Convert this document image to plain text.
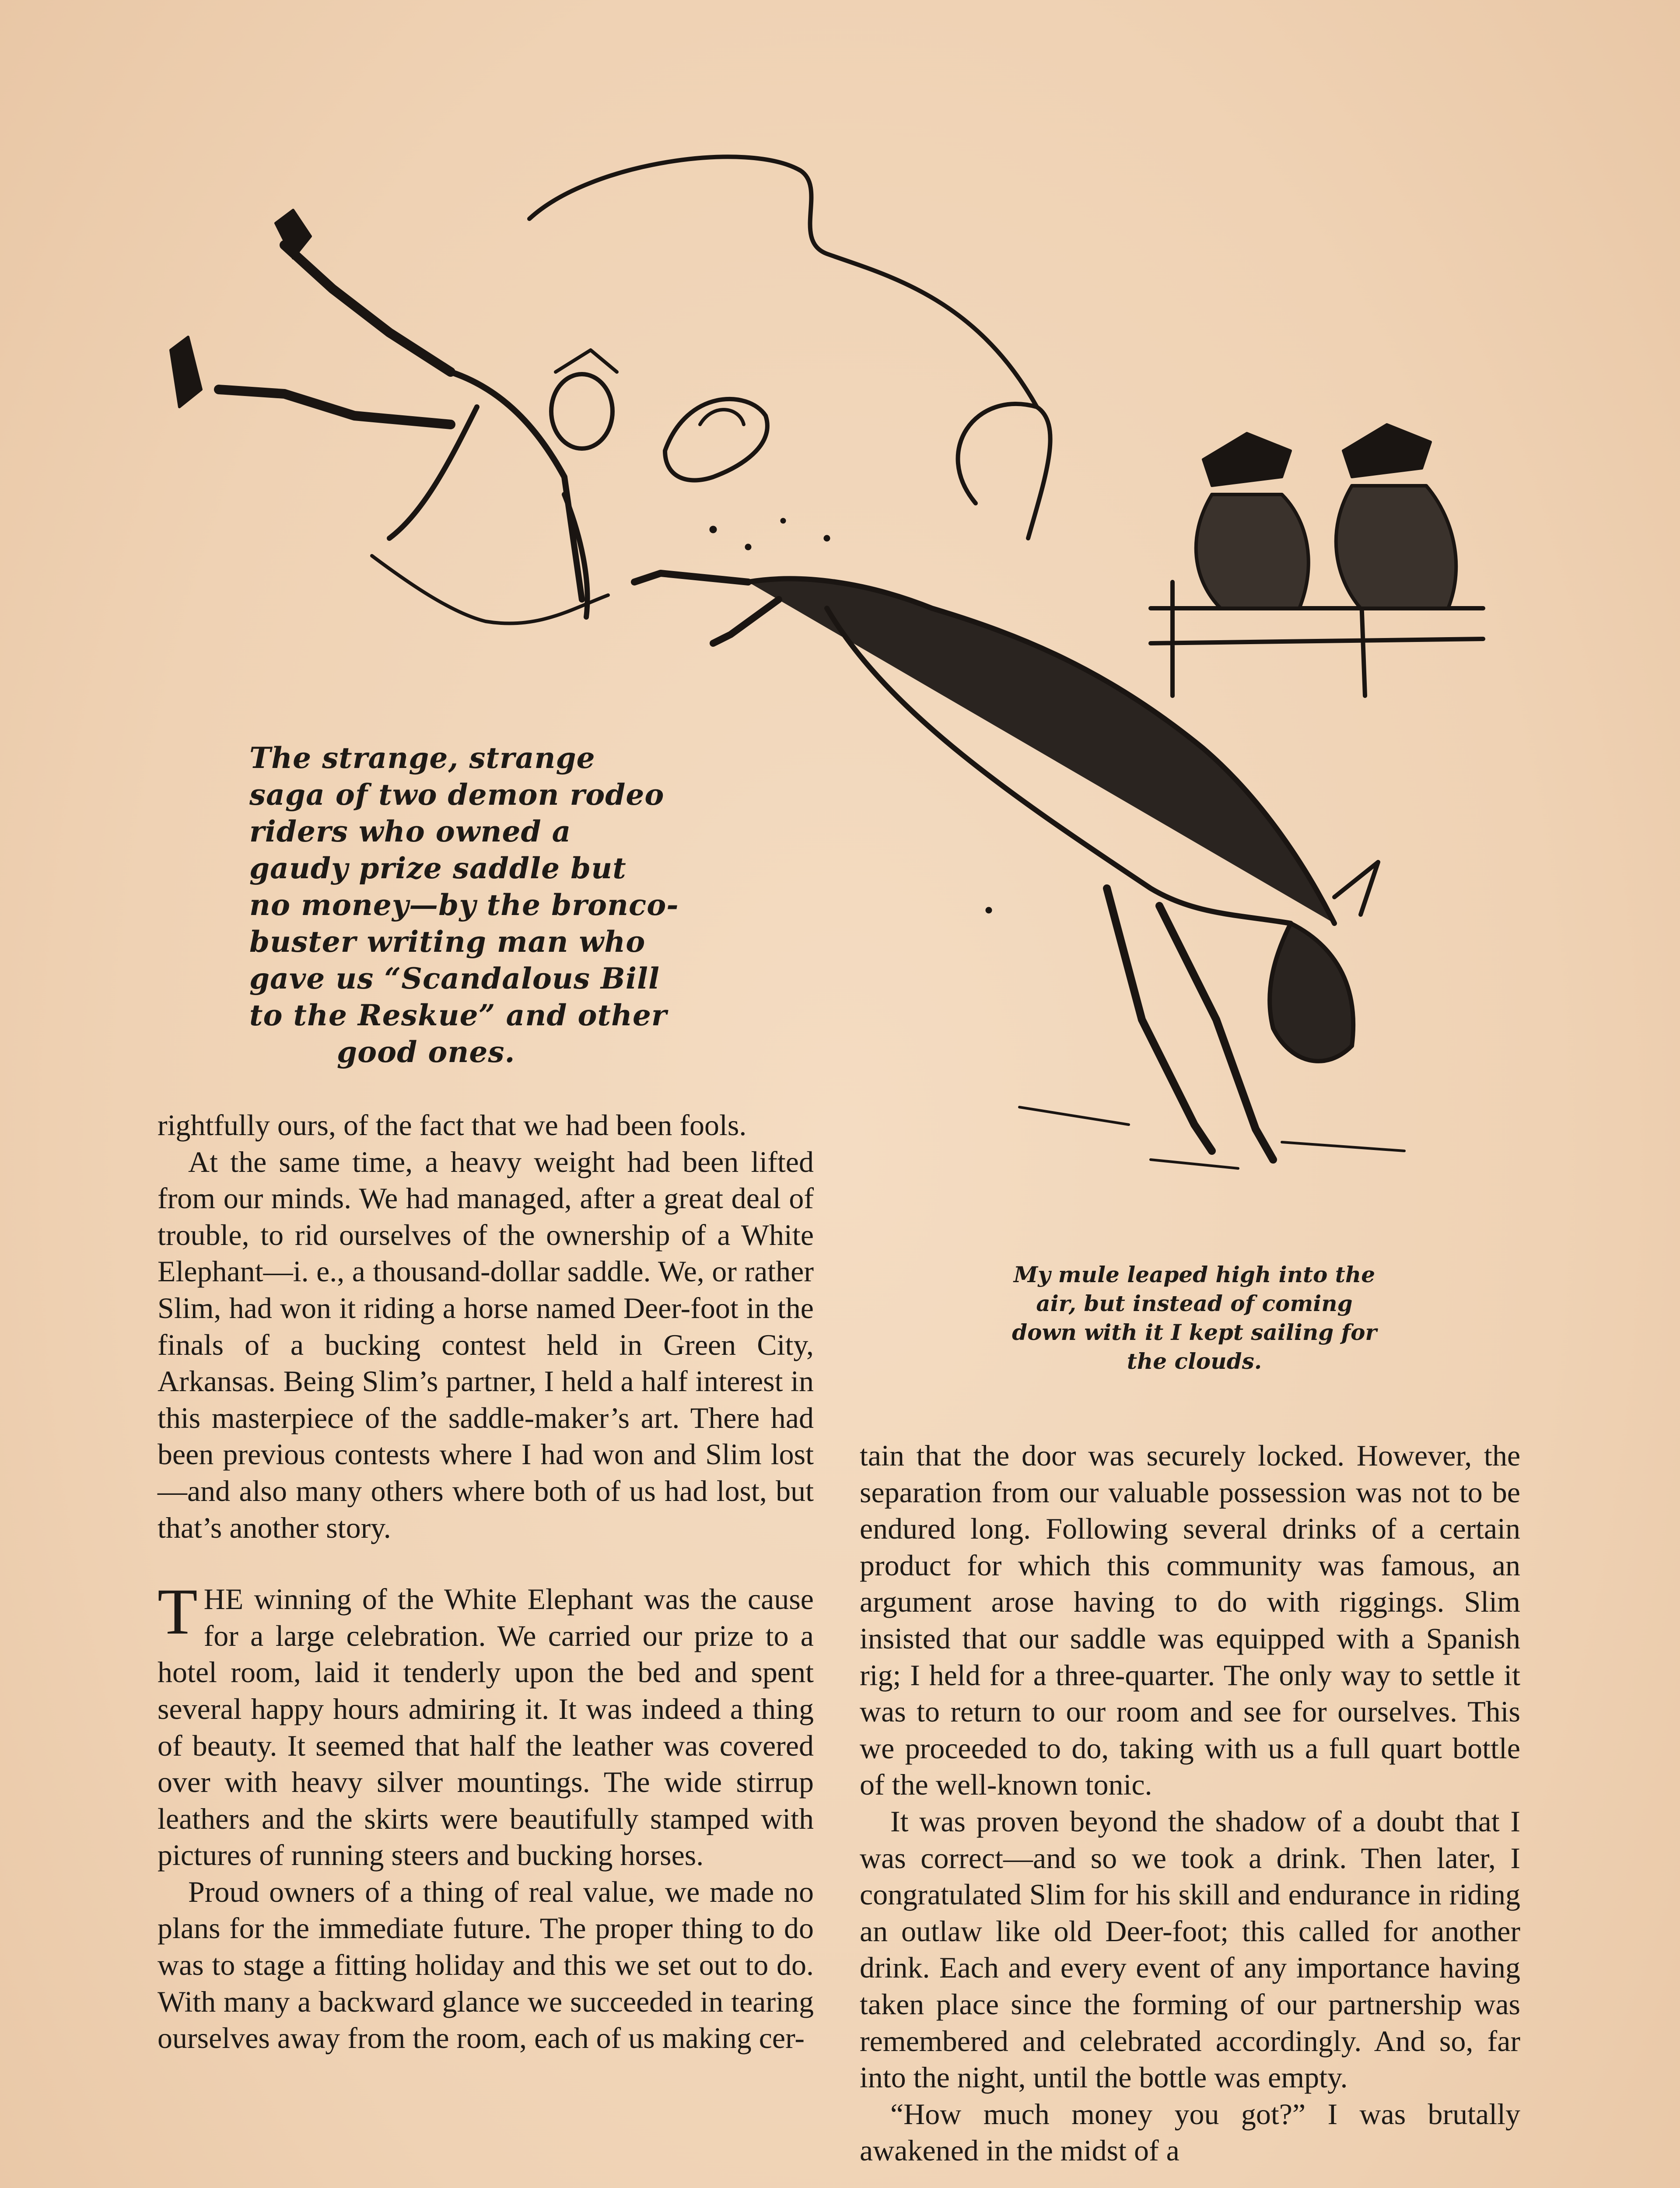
The strange, strange
saga of two demon rodeo
riders who owned a
gaudy prize saddle but
no money—by the bronco-
buster writing man who
gave us “Scandalous Bill
to the Reskue” and other
good ones.
My mule leaped high into the
air, but instead of coming
down with it I kept sailing for
the clouds.

rightfully ours, of the fact that we had been fools.

At the same time, a heavy weight had been lifted from our minds. We had managed, after a great deal of trouble, to rid ourselves of the ownership of a White Elephant—i. e., a thousand-dollar saddle. We, or rather Slim, had won it riding a horse named Deer-foot in the finals of a bucking contest held in Green City, Arkansas. Being Slim’s partner, I held a half interest in this masterpiece of the saddle-maker’s art. There had been previous contests where I had won and Slim lost—and also many others where both of us had lost, but that’s another story.

THE winning of the White Elephant was the cause for a large celebration. We carried our prize to a hotel room, laid it tenderly upon the bed and spent several happy hours admiring it. It was indeed a thing of beauty. It seemed that half the leather was covered over with heavy silver mountings. The wide stirrup leathers and the skirts were beautifully stamped with pictures of running steers and bucking horses.

Proud owners of a thing of real value, we made no plans for the immediate future. The proper thing to do was to stage a fitting holiday and this we set out to do. With many a backward glance we succeeded in tearing ourselves away from the room, each of us making cer-

tain that the door was securely locked. However, the separation from our valuable possession was not to be endured long. Following several drinks of a certain product for which this community was famous, an argument arose having to do with riggings. Slim insisted that our saddle was equipped with a Spanish rig; I held for a three-quarter. The only way to settle it was to return to our room and see for ourselves. This we proceeded to do, taking with us a full quart bottle of the well-known tonic.

It was proven beyond the shadow of a doubt that I was correct—and so we took a drink. Then later, I congratulated Slim for his skill and endurance in riding an outlaw like old Deer-foot; this called for another drink. Each and every event of any importance having taken place since the forming of our partnership was remembered and celebrated accordingly. And so, far into the night, until the bottle was empty.

“How much money you got?” I was brutally awakened in the midst of a
